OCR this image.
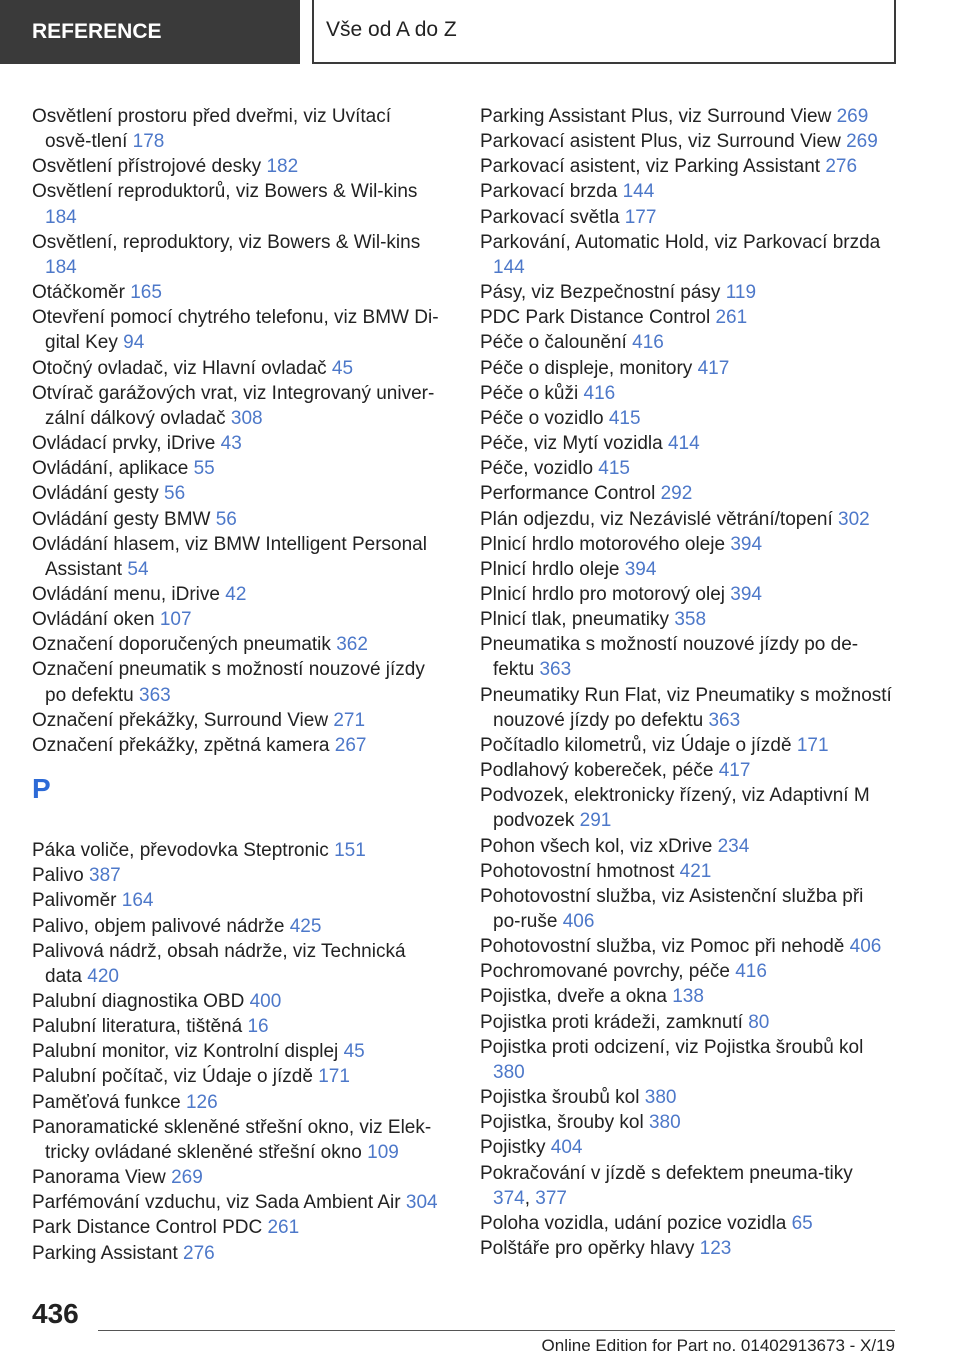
REFERENCE	Vše od A do Z
Osvětlení prostoru před dveřmi, viz Uvítací osvě-tlení 178
Osvětlení přístrojové desky 182
Osvětlení reproduktorů, viz Bowers & Wil-kins 184
Osvětlení, reproduktory, viz Bowers & Wil-kins 184
Otáčkoměr 165
Otevření pomocí chytrého telefonu, viz BMW Di-gital Key 94
Otočný ovladač, viz Hlavní ovladač 45
Otvírač garážových vrat, viz Integrovaný univer-zální dálkový ovladač 308
Ovládací prvky, iDrive 43
Ovládání, aplikace 55
Ovládání gesty 56
Ovládání gesty BMW 56
Ovládání hlasem, viz BMW Intelligent Personal Assistant 54
Ovládání menu, iDrive 42
Ovládání oken 107
Označení doporučených pneumatik 362
Označení pneumatik s možností nouzové jízdy po defektu 363
Označení překážky, Surround View 271
Označení překážky, zpětná kamera 267
P
Páka voliče, převodovka Steptronic 151
Palivo 387
Palivoměr 164
Palivo, objem palivové nádrže 425
Palivová nádrž, obsah nádrže, viz Technická data 420
Palubní diagnostika OBD 400
Palubní literatura, tištěná 16
Palubní monitor, viz Kontrolní displej 45
Palubní počítač, viz Údaje o jízdě 171
Paměťová funkce 126
Panoramatické skleněné střešní okno, viz Elek-tricky ovládané skleněné střešní okno 109
Panorama View 269
Parfémování vzduchu, viz Sada Ambient Air 304
Park Distance Control PDC 261
Parking Assistant 276
Parking Assistant Plus, viz Surround View 269
Parkovací asistent Plus, viz Surround View 269
Parkovací asistent, viz Parking Assistant 276
Parkovací brzda 144
Parkovací světla 177
Parkování, Automatic Hold, viz Parkovací brzda 144
Pásy, viz Bezpečnostní pásy 119
PDC Park Distance Control 261
Péče o čalounění 416
Péče o displeje, monitory 417
Péče o kůži 416
Péče o vozidlo 415
Péče, viz Mytí vozidla 414
Péče, vozidlo 415
Performance Control 292
Plán odjezdu, viz Nezávislé větrání/topení 302
Plnicí hrdlo motorového oleje 394
Plnicí hrdlo oleje 394
Plnicí hrdlo pro motorový olej 394
Plnicí tlak, pneumatiky 358
Pneumatika s možností nouzové jízdy po de-fektu 363
Pneumatiky Run Flat, viz Pneumatiky s možností nouzové jízdy po defektu 363
Počítadlo kilometrů, viz Údaje o jízdě 171
Podlahový kobereček, péče 417
Podvozek, elektronicky řízený, viz Adaptivní M podvozek 291
Pohon všech kol, viz xDrive 234
Pohotovostní hmotnost 421
Pohotovostní služba, viz Asistenční služba při po-ruše 406
Pohotovostní služba, viz Pomoc při nehodě 406
Pochromované povrchy, péče 416
Pojistka, dveře a okna 138
Pojistka proti krádeži, zamknutí 80
Pojistka proti odcizení, viz Pojistka šroubů kol 380
Pojistka šroubů kol 380
Pojistka, šrouby kol 380
Pojistky 404
Pokračování v jízdě s defektem pneuma-tiky 374, 377
Poloha vozidla, udání pozice vozidla 65
Polštáře pro opěrky hlavy 123
436
Online Edition for Part no. 01402913673 - X/19
